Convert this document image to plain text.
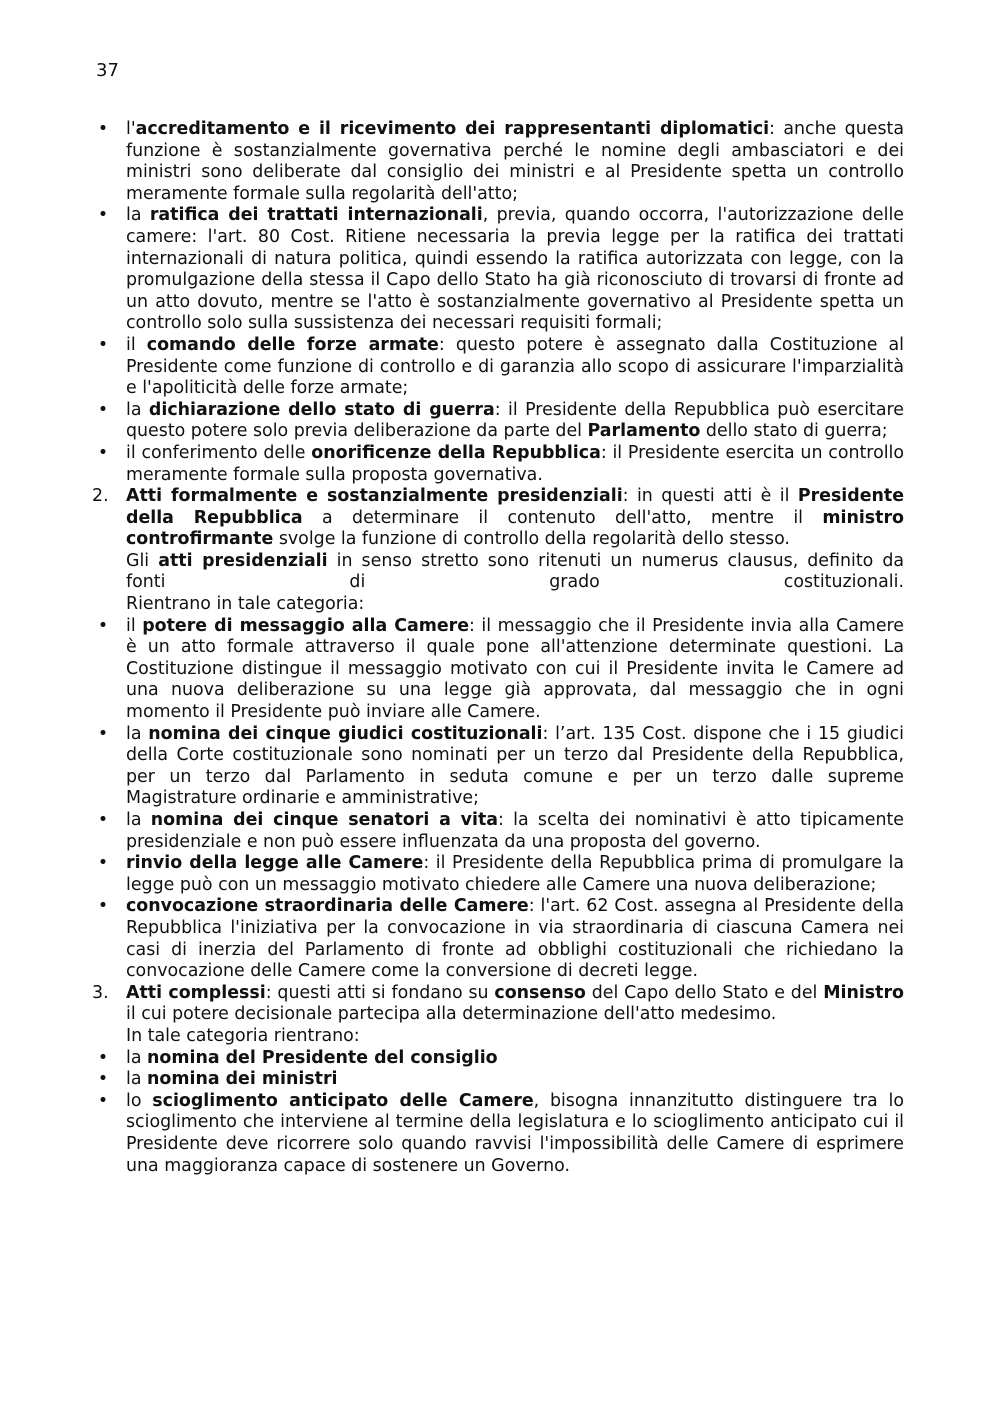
37
• l'accreditamento e il ricevimento dei rappresentanti diplomatici: anche questa funzione è sostanzialmente governativa perché le nomine degli ambasciatori e dei ministri sono deliberate dal consiglio dei ministri e al Presidente spetta un controllo meramente formale sulla regolarità dell'atto;
• la ratifica dei trattati internazionali, previa, quando occorra, l'autorizzazione delle camere: l'art. 80 Cost. Ritiene necessaria la previa legge per la ratifica dei trattati internazionali di natura politica, quindi essendo la ratifica autorizzata con legge, con la promulgazione della stessa il Capo dello Stato ha già riconosciuto di trovarsi di fronte ad un atto dovuto, mentre se l'atto è sostanzialmente governativo al Presidente spetta un controllo solo sulla sussistenza dei necessari requisiti formali;
• il comando delle forze armate: questo potere è assegnato dalla Costituzione al Presidente come funzione di controllo e di garanzia allo scopo di assicurare l'imparzialità e l'apoliticità delle forze armate;
• la dichiarazione dello stato di guerra: il Presidente della Repubblica può esercitare questo potere solo previa deliberazione da parte del Parlamento dello stato di guerra;
• il conferimento delle onorificenze della Repubblica: il Presidente esercita un controllo meramente formale sulla proposta governativa.
2.	Atti formalmente e sostanzialmente presidenziali: in questi atti è il Presidente della Repubblica a determinare il contenuto dell'atto, mentre il ministro controfirmante svolge la funzione di controllo della regolarità dello stesso.
Gli atti presidenziali in senso stretto sono ritenuti un numerus clausus, definito da fonti di grado costituzionali.
Rientrano in tale categoria:
• il potere di messaggio alla Camere: il messaggio che il Presidente invia alla Camere è un atto formale attraverso il quale pone all'attenzione determinate questioni. La Costituzione distingue il messaggio motivato con cui il Presidente invita le Camere ad una nuova deliberazione su una legge già approvata, dal messaggio che in ogni momento il Presidente può inviare alle Camere.
• la nomina dei cinque giudici costituzionali: l’art. 135 Cost. dispone che i 15 giudici della Corte costituzionale sono nominati per un terzo dal Presidente della Repubblica, per un terzo dal Parlamento in seduta comune e per un terzo dalle supreme Magistrature ordinarie e amministrative;
• la nomina dei cinque senatori a vita: la scelta dei nominativi è atto tipicamente presidenziale e non può essere influenzata da una proposta del governo.
• rinvio della legge alle Camere: il Presidente della Repubblica prima di promulgare la legge può con un messaggio motivato chiedere alle Camere una nuova deliberazione;
• convocazione straordinaria delle Camere: l'art. 62 Cost. assegna al Presidente della Repubblica l'iniziativa per la convocazione in via straordinaria di ciascuna Camera nei casi di inerzia del Parlamento di fronte ad obblighi costituzionali che richiedano la convocazione delle Camere come la conversione di decreti legge.
3.	Atti complessi: questi atti si fondano su consenso del Capo dello Stato e del Ministro il cui potere decisionale partecipa alla determinazione dell'atto medesimo.
In tale categoria rientrano:
• la nomina del Presidente del consiglio
• la nomina dei ministri
• lo scioglimento anticipato delle Camere, bisogna innanzitutto distinguere tra lo scioglimento che interviene al termine della legislatura e lo scioglimento anticipato cui il Presidente deve ricorrere solo quando ravvisi l'impossibilità delle Camere di esprimere una maggioranza capace di sostenere un Governo.
